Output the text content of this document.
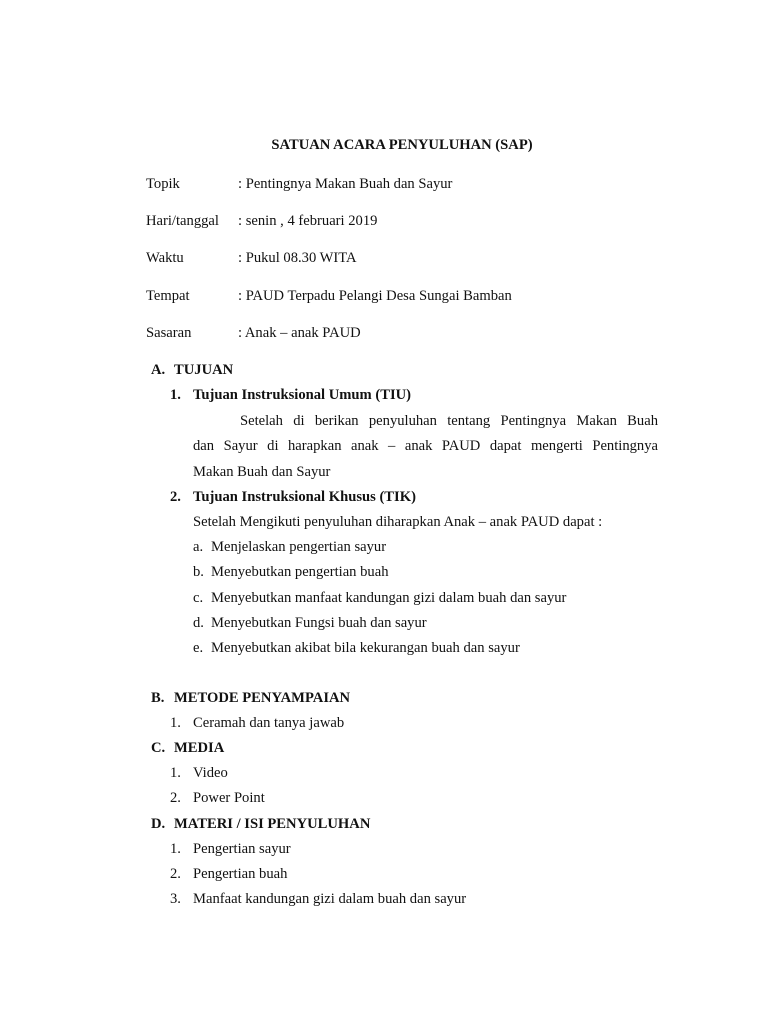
SATUAN ACARA PENYULUHAN (SAP)
Topik	: Pentingnya Makan Buah dan Sayur
Hari/tanggal : senin , 4 februari 2019
Waktu	: Pukul 08.30 WITA
Tempat	: PAUD Terpadu Pelangi Desa Sungai Bamban
Sasaran	: Anak – anak PAUD
A. TUJUAN
1. Tujuan Instruksional Umum (TIU)
Setelah di berikan penyuluhan tentang Pentingnya Makan Buah
dan Sayur di harapkan anak – anak PAUD dapat mengerti Pentingnya
Makan Buah dan Sayur
2. Tujuan Instruksional Khusus (TIK)
Setelah Mengikuti penyuluhan diharapkan Anak – anak PAUD dapat :
a. Menjelaskan pengertian sayur
b. Menyebutkan pengertian buah
c. Menyebutkan manfaat kandungan gizi dalam buah dan sayur
d. Menyebutkan Fungsi buah dan sayur
e. Menyebutkan akibat bila kekurangan buah dan sayur
B. METODE PENYAMPAIAN
1. Ceramah dan tanya jawab
C. MEDIA
1. Video
2. Power Point
D. MATERI / ISI PENYULUHAN
1. Pengertian sayur
2. Pengertian buah
3. Manfaat kandungan gizi dalam buah dan sayur
